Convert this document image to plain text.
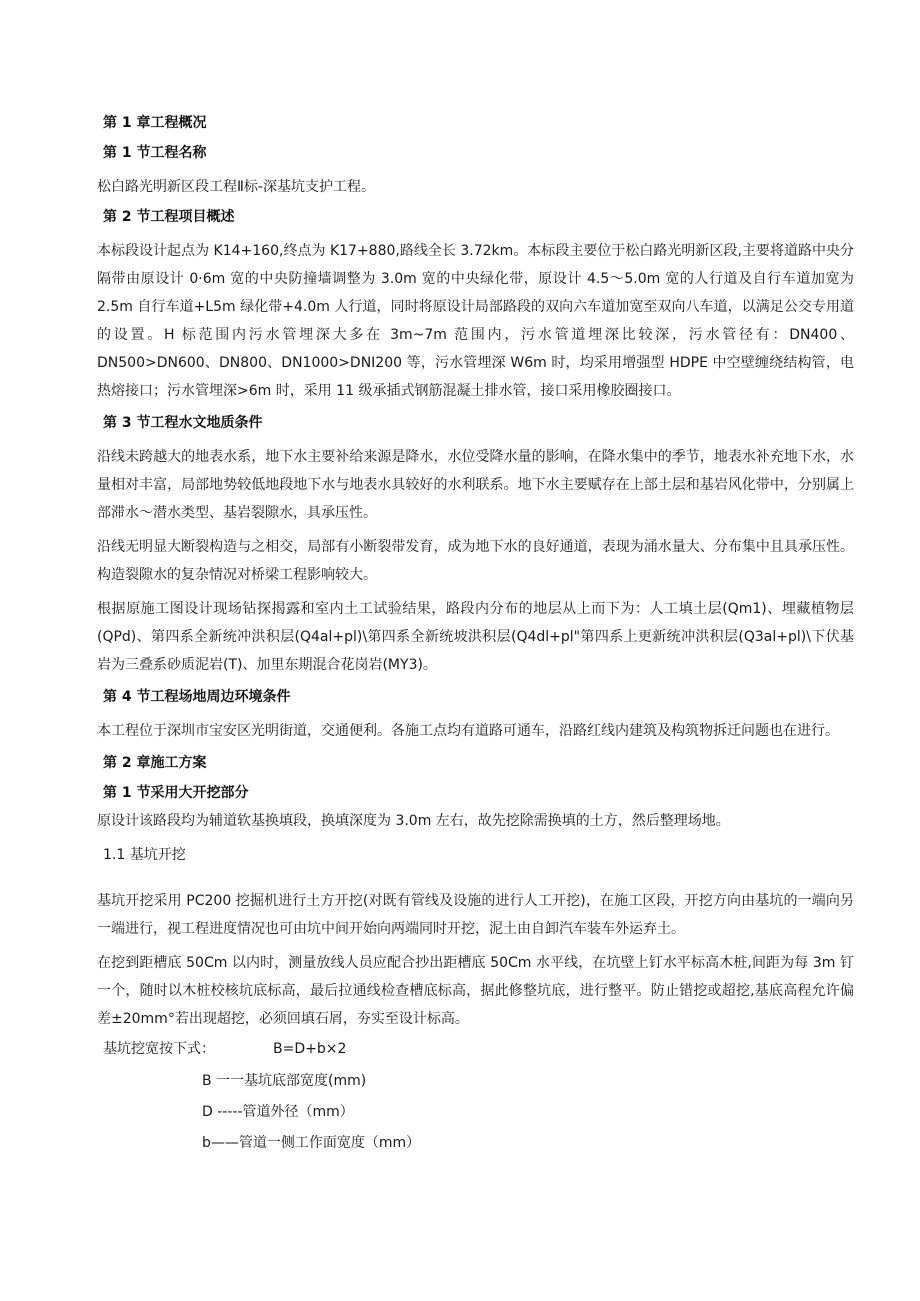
第 1 章工程概况
第 1 节工程名称

松白路光明新区段工程Ⅱ标-深基坑支护工程。

第 2 节工程项目概述

本标段设计起点为 K14+160,终点为 K17+880,路线全长 3.72km。本标段主要位于松白路光明新区段,主要将道路中央分隔带由原设计 0·6m 宽的中央防撞墙调整为 3.0m 宽的中央绿化带，原设计 4.5～5.0m 宽的人行道及自行车道加宽为 2.5m 自行车道+L5m 绿化带+4.0m 人行道，同时将原设计局部路段的双向六车道加宽至双向八车道，以满足公交专用道的设置。H 标范围内污水管埋深大多在 3m~7m 范围内，污水管道埋深比较深，污水管径有：DN400、DN500>DN600、DN800、DN1000>DNI200 等，污水管埋深 W6m 时，均采用增强型 HDPE 中空壁缠绕结构管，电热熔接口；污水管埋深>6m 时，采用 11 级承插式钢筋混凝土排水管，接口采用橡胶圈接口。

第 3 节工程水文地质条件

沿线未跨越大的地表水系，地下水主要补给来源是降水，水位受降水量的影响，在降水集中的季节，地表水补充地下水，水量相对丰富，局部地势较低地段地下水与地表水具较好的水利联系。地下水主要赋存在上部土层和基岩风化带中，分别属上部滞水～潜水类型、基岩裂隙水，具承压性。

沿线无明显大断裂构造与之相交，局部有小断裂带发育，成为地下水的良好通道，表现为涌水量大、分布集中且具承压性。构造裂隙水的复杂情况对桥梁工程影响较大。

根据原施工图设计现场钻探揭露和室内土工试验结果，路段内分布的地层从上而下为：人工填土层(Qm1)、埋藏植物层(QPd)、第四系全新统冲洪积层(Q4al+pl)\第四系全新统坡洪积层(Q4dl+pl"第四系上更新统冲洪积层(Q3al+pl)\下伏基岩为三叠系砂质泥岩(T)、加里东期混合花岗岩(MY3)。

第 4 节工程场地周边环境条件

本工程位于深圳市宝安区光明街道，交通便利。各施工点均有道路可通车，沿路红线内建筑及构筑物拆迁问题也在进行。

第 2 章施工方案
第 1 节采用大开挖部分

原设计该路段均为辅道软基换填段，换填深度为 3.0m 左右，故先挖除需换填的土方，然后整理场地。

1.1 基坑开挖

基坑开挖采用 PC200 挖掘机进行土方开挖(对既有管线及设施的进行人工开挖)，在施工区段，开挖方向由基坑的一端向另一端进行，视工程进度情况也可由坑中间开始向两端同时开挖，泥土由自卸汽车装车外运弃土。

在挖到距槽底 50Cm 以内时，测量放线人员应配合抄出距槽底 50Cm 水平线，在坑壁上钉水平标高木桩,间距为每 3m 钉一个，随时以木桩校核坑底标高，最后拉通线检查槽底标高，据此修整坑底，进行整平。防止错挖或超挖,基底高程允许偏差±20mm°若出现超挖，必须回填石屑，夯实至设计标高。

基坑挖宽按下式：	B=D+b×2
B 一一基坑底部宽度(mm)
D -----管道外径（mm）
b——管道一侧工作面宽度（mm）
